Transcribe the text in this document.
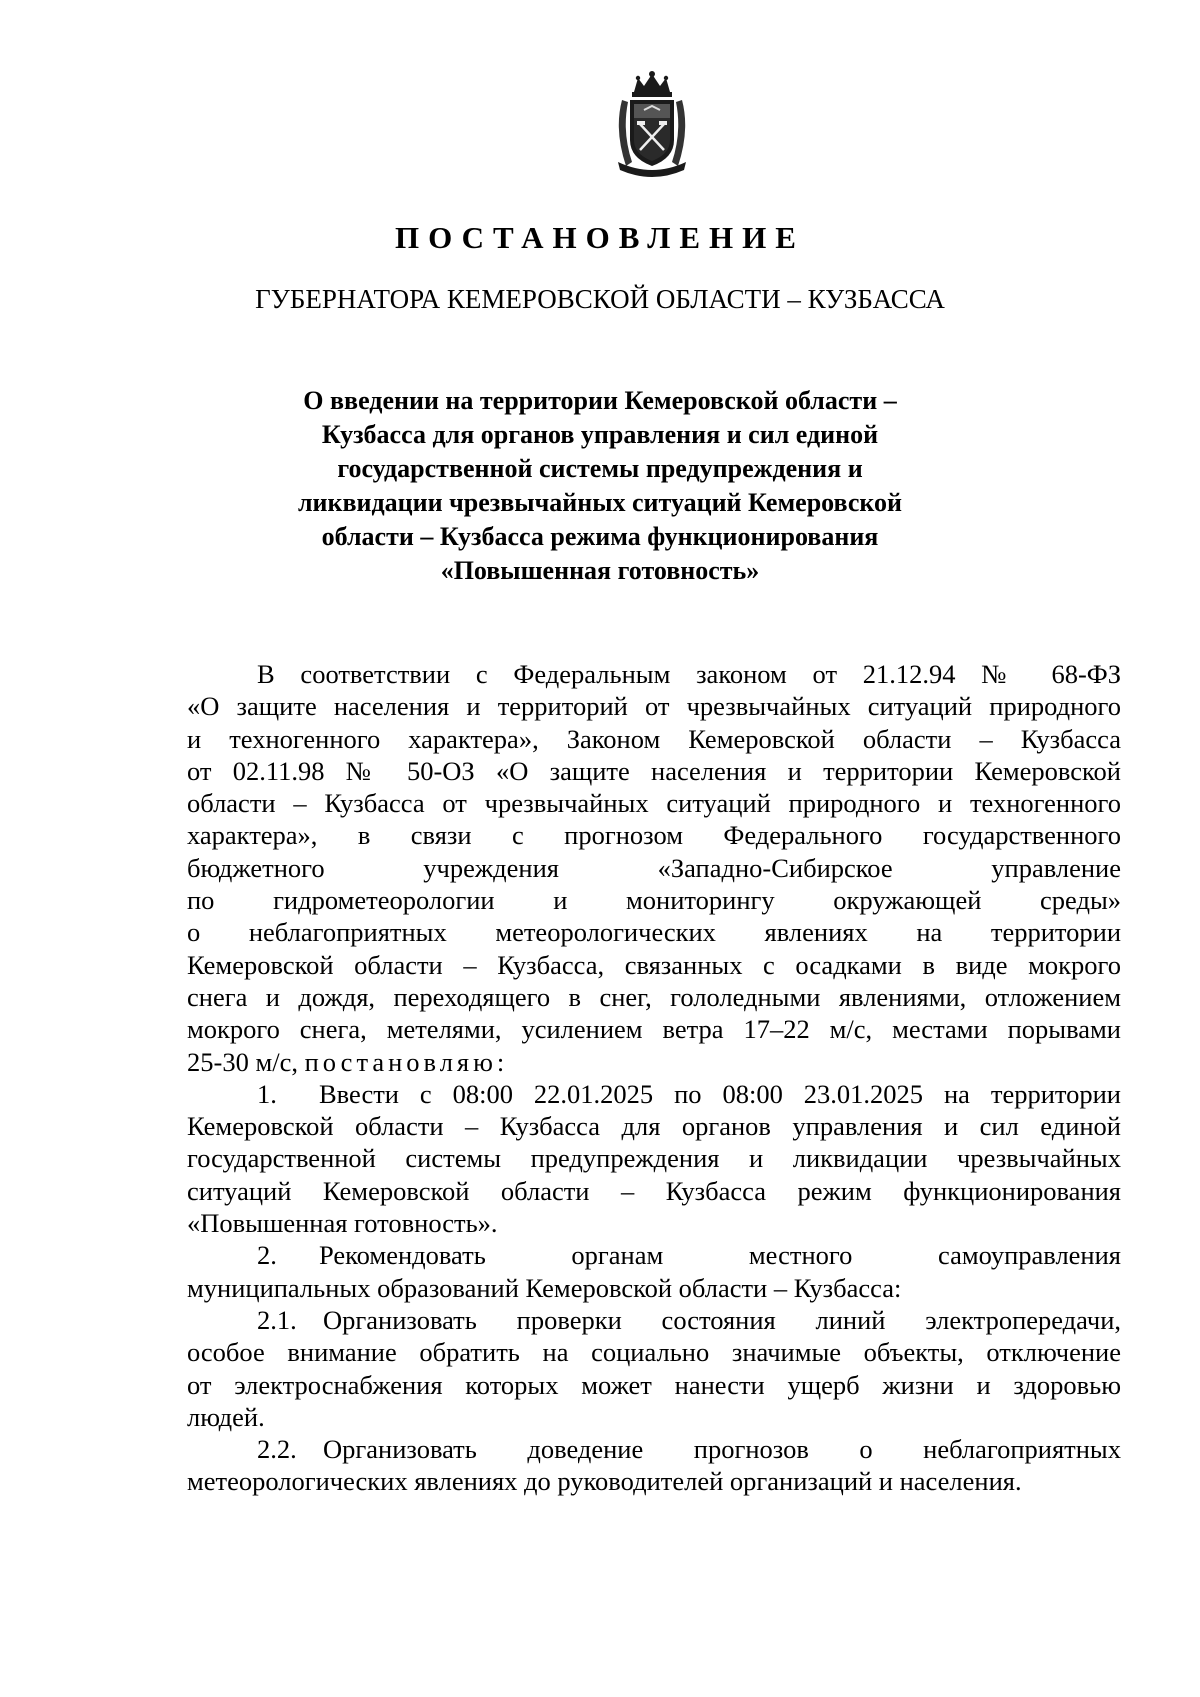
ПОСТАНОВЛЕНИЕ
ГУБЕРНАТОРА КЕМЕРОВСКОЙ ОБЛАСТИ – КУЗБАССА
О введении на территории Кемеровской области –
Кузбасса для органов управления и сил единой
государственной системы предупреждения и
ликвидации чрезвычайных ситуаций Кемеровской
области – Кузбасса режима функционирования
«Повышенная готовность»

В соответствии с Федеральным законом от 21.12.94 № 68-ФЗ

«О защите населения и территорий от чрезвычайных ситуаций природного

и техногенного характера», Законом Кемеровской области – Кузбасса

от 02.11.98 № 50-ОЗ «О защите населения и территории Кемеровской

области – Кузбасса от чрезвычайных ситуаций природного и техногенного

характера», в связи с прогнозом Федерального государственного

бюджетного учреждения «Западно-Сибирское управление

по гидрометеорологии и мониторингу окружающей среды»

о неблагоприятных метеорологических явлениях на территории

Кемеровской области – Кузбасса, связанных с осадками в виде мокрого

снега и дождя, переходящего в снег, гололедными явлениями, отложением

мокрого снега, метелями, усилением ветра 17–22 м/с, местами порывами

25-30 м/с, постановляю:

1. Ввести с 08:00 22.01.2025 по 08:00 23.01.2025 на территории

Кемеровской области – Кузбасса для органов управления и сил единой

государственной системы предупреждения и ликвидации чрезвычайных

ситуаций Кемеровской области – Кузбасса режим функционирования

«Повышенная готовность».

2. Рекомендовать органам местного самоуправления

муниципальных образований Кемеровской области – Кузбасса:

2.1. Организовать проверки состояния линий электропередачи,

особое внимание обратить на социально значимые объекты, отключение

от электроснабжения которых может нанести ущерб жизни и здоровью

людей.

2.2. Организовать доведение прогнозов о неблагоприятных

метеорологических явлениях до руководителей организаций и населения.
